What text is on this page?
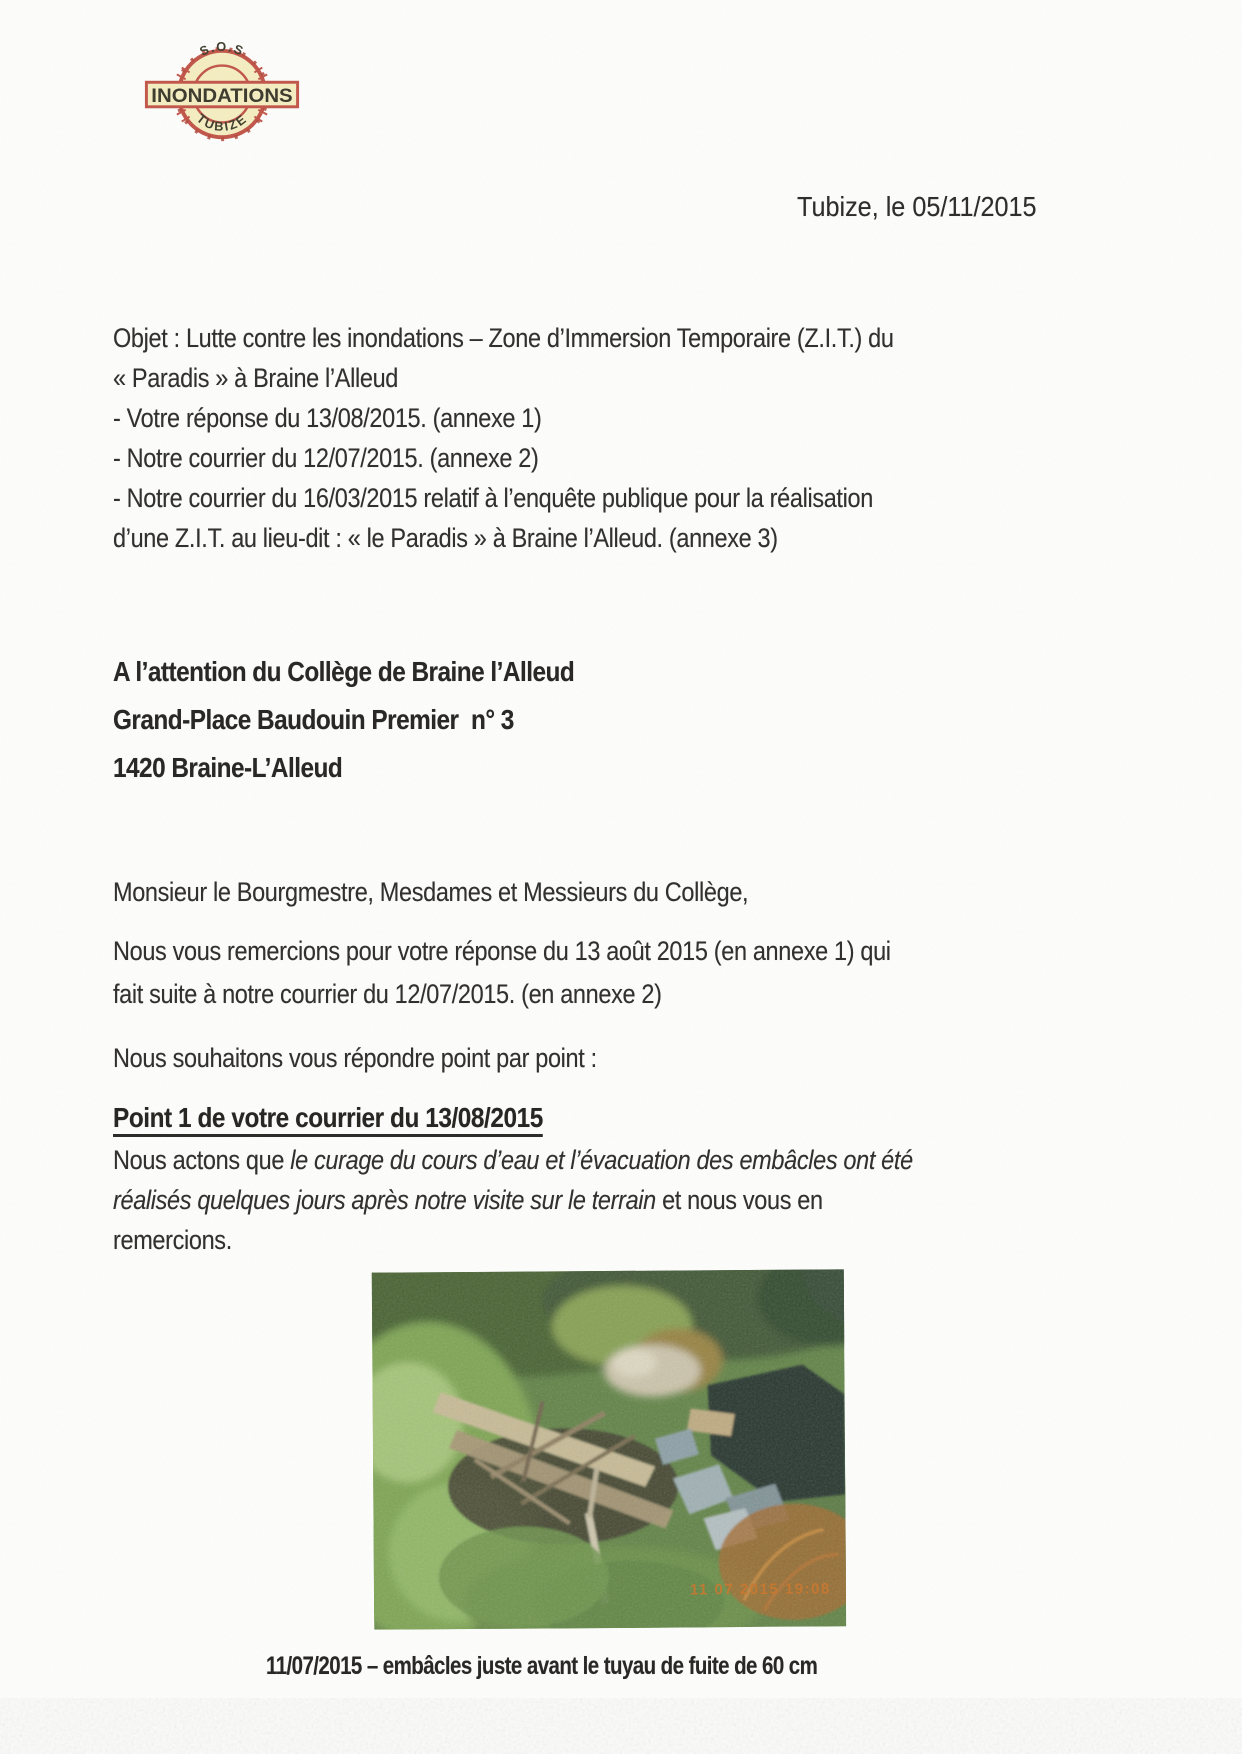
S.O.S
INONDATIONS
TUBIZE
Tubize, le 05/11/2015
Objet : Lutte contre les inondations – Zone d’Immersion Temporaire (Z.I.T.) du
« Paradis » à Braine l’Alleud
- Votre réponse du 13/08/2015. (annexe 1)
- Notre courrier du 12/07/2015. (annexe 2)
- Notre courrier du 16/03/2015 relatif à l’enquête publique pour la réalisation
d’une Z.I.T. au lieu-dit : « le Paradis » à Braine l’Alleud. (annexe 3)
A l’attention du Collège de Braine l’Alleud
Grand-Place Baudouin Premier  n° 3
1420 Braine-L’Alleud
Monsieur le Bourgmestre, Mesdames et Messieurs du Collège,
Nous vous remercions pour votre réponse du 13 août 2015 (en annexe 1) qui
fait suite à notre courrier du 12/07/2015. (en annexe 2)
Nous souhaitons vous répondre point par point :
Point 1 de votre courrier du 13/08/2015
Nous actons que le curage du cours d’eau et l’évacuation des embâcles ont été
réalisés quelques jours après notre visite sur le terrain et nous vous en
remercions.
11 07 2015 19:08
11/07/2015 – embâcles juste avant le tuyau de fuite de 60 cm
